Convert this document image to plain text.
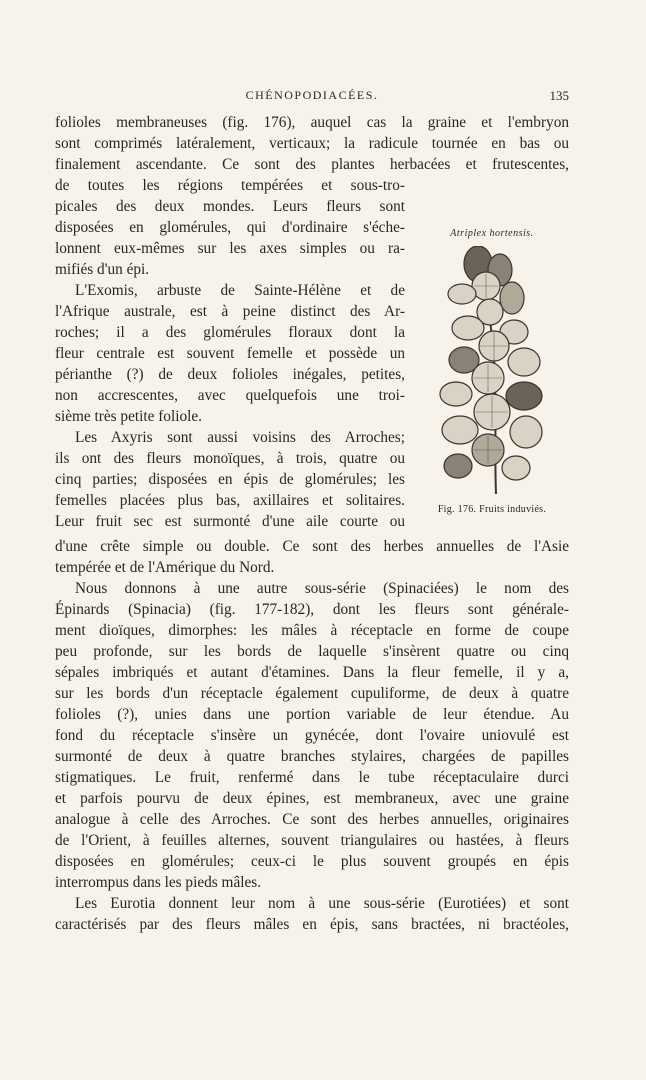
CHÉNOPODIACÉES.	135
folioles membraneuses (fig. 176), auquel cas la graine et l'embryon
sont comprimés latéralement, verticaux; la radicule tournée en bas ou
finalement ascendante. Ce sont des plantes herbacées et frutescentes,
de toutes les régions tempérées et sous-tro-
picales des deux mondes. Leurs fleurs sont
disposées en glomérules, qui d'ordinaire s'éche-
lonnent eux-mêmes sur les axes simples ou ra-
mifiés d'un épi.
L'Exomis, arbuste de Sainte-Hélène et de
l'Afrique australe, est à peine distinct des Ar-
roches; il a des glomérules floraux dont la
fleur centrale est souvent femelle et possède un
périanthe (?) de deux folioles inégales, petites,
non accrescentes, avec quelquefois une troi-
sième très petite foliole.
Les Axyris sont aussi voisins des Arroches;
ils ont des fleurs monoïques, à trois, quatre ou
cinq parties; disposées en épis de glomérules; les
femelles placées plus bas, axillaires et solitaires.
Leur fruit sec est surmonté d'une aile courte ou
d'une crête simple ou double. Ce sont des herbes annuelles de l'Asie
tempérée et de l'Amérique du Nord.
Nous donnons à une autre sous-série (Spinaciées) le nom des
Épinards (Spinacia) (fig. 177-182), dont les fleurs sont générale-
ment dioïques, dimorphes: les mâles à réceptacle en forme de coupe
peu profonde, sur les bords de laquelle s'insèrent quatre ou cinq
sépales imbriqués et autant d'étamines. Dans la fleur femelle, il y a,
sur les bords d'un réceptacle également cupuliforme, de deux à quatre
folioles (?), unies dans une portion variable de leur étendue. Au
fond du réceptacle s'insère un gynécée, dont l'ovaire uniovulé est
surmonté de deux à quatre branches stylaires, chargées de papilles
stigmatiques. Le fruit, renfermé dans le tube réceptaculaire durci
et parfois pourvu de deux épines, est membraneux, avec une graine
analogue à celle des Arroches. Ce sont des herbes annuelles, originaires
de l'Orient, à feuilles alternes, souvent triangulaires ou hastées, à fleurs
disposées en glomérules; ceux-ci le plus souvent groupés en épis
interrompus dans les pieds mâles.
Les Eurotia donnent leur nom à une sous-série (Eurotiées) et sont
caractérisés par des fleurs mâles en épis, sans bractées, ni bractéoles,
Atriplex hortensis.
Fig. 176. Fruits induviés.
